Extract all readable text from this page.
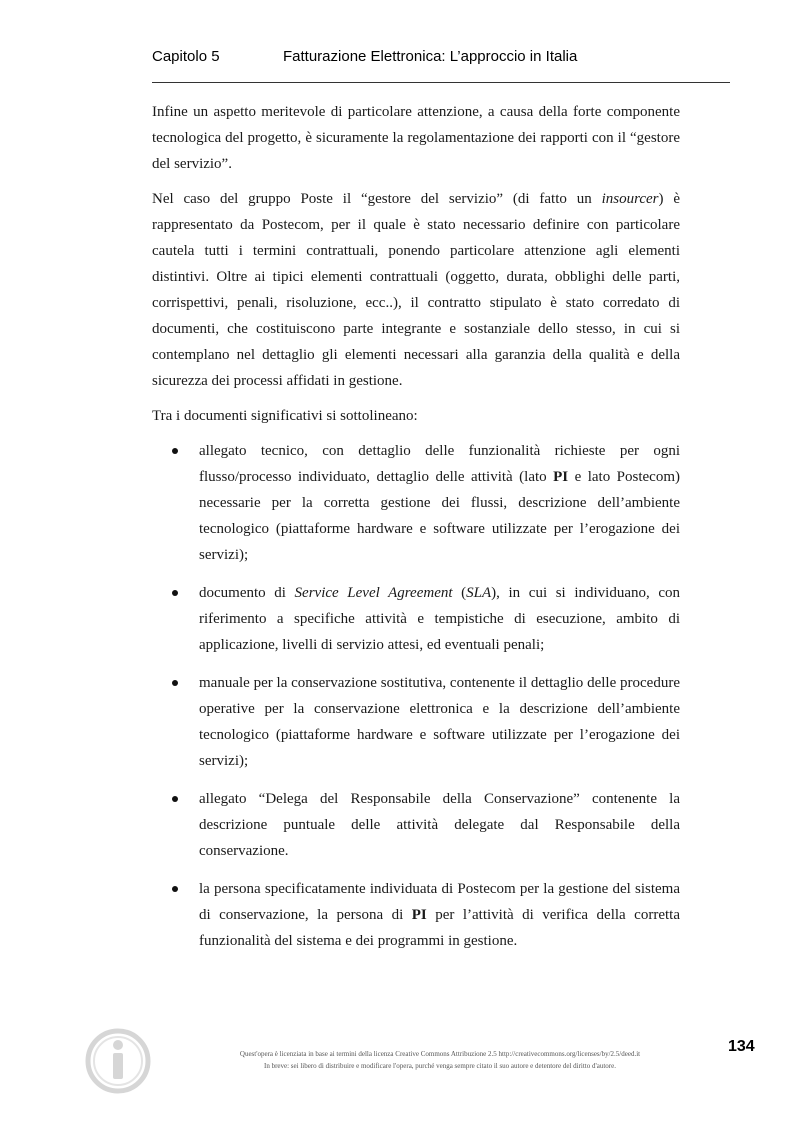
Capitolo 5	Fatturazione Elettronica: L’approccio in Italia

Infine un aspetto meritevole di particolare attenzione, a causa della forte componente tecnologica del progetto, è sicuramente la regolamentazione dei rapporti con il “gestore del servizio”.

Nel caso del gruppo Poste il “gestore del servizio” (di fatto un insourcer) è rappresentato da Postecom, per il quale è stato necessario definire con particolare cautela tutti i termini contrattuali, ponendo particolare attenzione agli elementi distintivi. Oltre ai tipici elementi contrattuali (oggetto, durata, obblighi delle parti, corrispettivi, penali, risoluzione, ecc..), il contratto stipulato è stato corredato di documenti, che costituiscono parte integrante e sostanziale dello stesso, in cui si contemplano nel dettaglio gli elementi necessari alla garanzia della qualità e della sicurezza dei processi affidati in gestione.

Tra i documenti significativi si sottolineano:

allegato tecnico, con dettaglio delle funzionalità richieste per ogni flusso/processo individuato, dettaglio delle attività (lato PI e lato Postecom) necessarie per la corretta gestione dei flussi, descrizione dell’ambiente tecnologico (piattaforme hardware e software utilizzate per l’erogazione dei servizi);
documento di Service Level Agreement (SLA), in cui si individuano, con riferimento a specifiche attività e tempistiche di esecuzione, ambito di applicazione, livelli di servizio attesi, ed eventuali penali;
manuale per la conservazione sostitutiva, contenente il dettaglio delle procedure operative per la conservazione elettronica e la descrizione dell’ambiente tecnologico (piattaforme hardware e software utilizzate per l’erogazione dei servizi);
allegato “Delega del Responsabile della Conservazione” contenente la descrizione puntuale delle attività delegate dal Responsabile della conservazione.
la persona specificatamente individuata di Postecom per la gestione del sistema di conservazione, la persona di PI per l’attività di verifica della corretta funzionalità del sistema e dei programmi in gestione.
134
Quest'opera è licenziata in base ai termini della licenza Creative Commons Attribuzione 2.5 http://creativecommons.org/licenses/by/2.5/deed.it
In breve: sei libero di distribuire e modificare l'opera, purché venga sempre citato il suo autore e detentore del diritto d'autore.
